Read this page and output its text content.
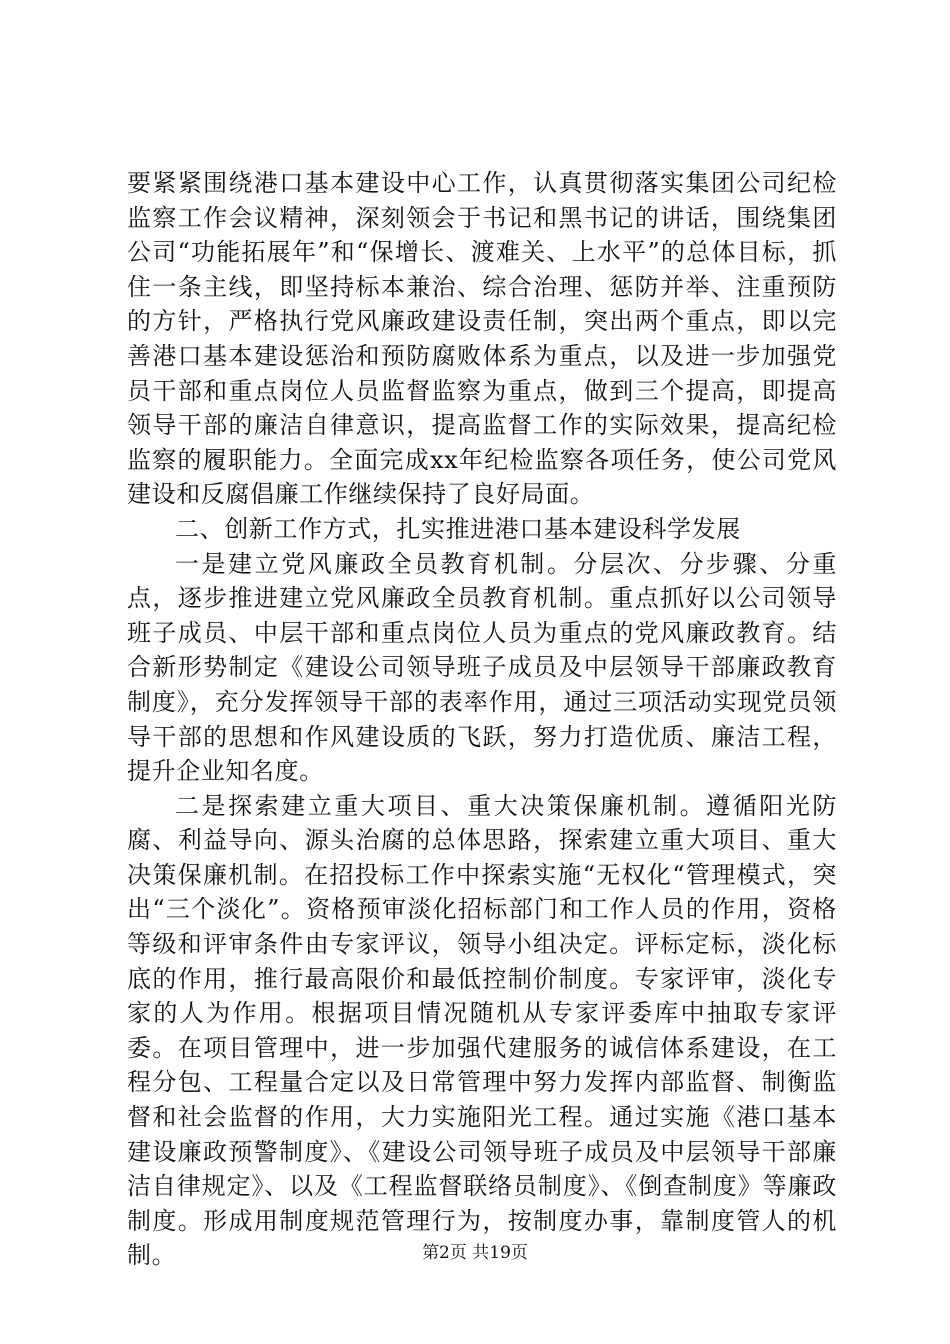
要紧紧围绕港口基本建设中心工作，认真贯彻落实集团公司纪检监察工作会议精神，深刻领会于书记和黑书记的讲话，围绕集团公司“功能拓展年”和“保增长、渡难关、上水平”的总体目标，抓住一条主线，即坚持标本兼治、综合治理、惩防并举、注重预防的方针，严格执行党风廉政建设责任制，突出两个重点，即以完善港口基本建设惩治和预防腐败体系为重点，以及进一步加强党员干部和重点岗位人员监督监察为重点，做到三个提高，即提高领导干部的廉洁自律意识，提高监督工作的实际效果，提高纪检监察的履职能力。全面完成xx年纪检监察各项任务，使公司党风建设和反腐倡廉工作继续保持了良好局面。

二、创新工作方式，扎实推进港口基本建设科学发展

一是建立党风廉政全员教育机制。分层次、分步骤、分重点，逐步推进建立党风廉政全员教育机制。重点抓好以公司领导班子成员、中层干部和重点岗位人员为重点的党风廉政教育。结合新形势制定《建设公司领导班子成员及中层领导干部廉政教育制度》，充分发挥领导干部的表率作用，通过三项活动实现党员领导干部的思想和作风建设质的飞跃，努力打造优质、廉洁工程，提升企业知名度。

二是探索建立重大项目、重大决策保廉机制。遵循阳光防腐、利益导向、源头治腐的总体思路，探索建立重大项目、重大决策保廉机制。在招投标工作中探索实施“无权化“管理模式，突出“三个淡化”。资格预审淡化招标部门和工作人员的作用，资格等级和评审条件由专家评议，领导小组决定。评标定标，淡化标底的作用，推行最高限价和最低控制价制度。专家评审，淡化专家的人为作用。根据项目情况随机从专家评委库中抽取专家评委。在项目管理中，进一步加强代建服务的诚信体系建设，在工程分包、工程量合定以及日常管理中努力发挥内部监督、制衡监督和社会监督的作用，大力实施阳光工程。通过实施《港口基本建设廉政预警制度》、《建设公司领导班子成员及中层领导干部廉洁自律规定》、以及《工程监督联络员制度》、《倒查制度》等廉政制度。形成用制度规范管理行为，按制度办事，靠制度管人的机制。	第2页 共19页
